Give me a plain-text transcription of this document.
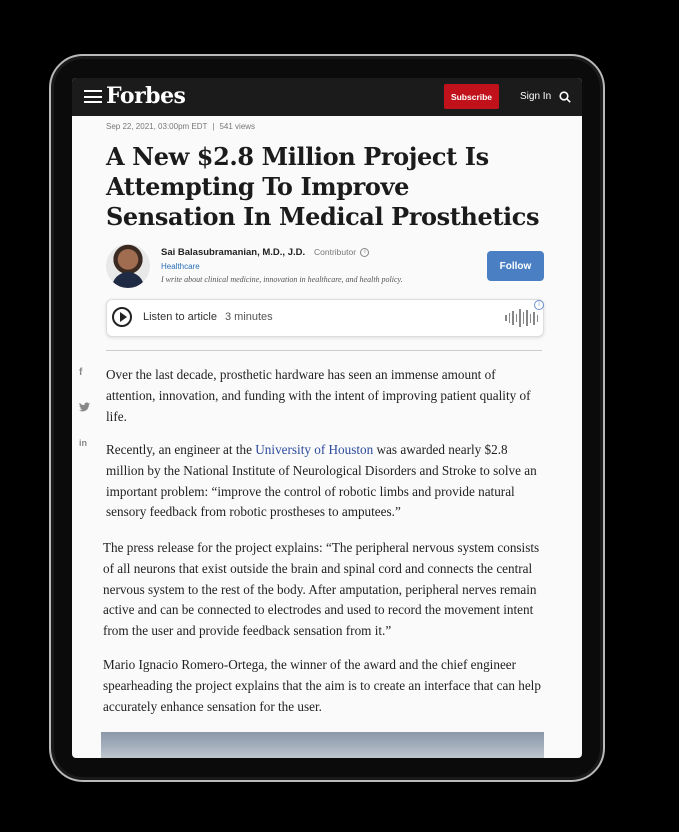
Forbes	Subscribe	Sign In
Sep 22, 2021, 03:00pm EDT | 541 views
A New $2.8 Million Project Is Attempting To Improve Sensation In Medical Prosthetics
Sai Balasubramanian, M.D., J.D. Contributor i
Healthcare
I write about clinical medicine, innovation in healthcare, and health policy.
Follow
Listen to article 3 minutes
i
f
in

Over the last decade, prosthetic hardware has seen an immense amount of attention, innovation, and funding with the intent of improving patient quality of life.

Recently, an engineer at the University of Houston was awarded nearly $2.8 million by the National Institute of Neurological Disorders and Stroke to solve an important problem: “improve the control of robotic limbs and provide natural sensory feedback from robotic prostheses to amputees.”

The press release for the project explains: “The peripheral nervous system consists of all neurons that exist outside the brain and spinal cord and connects the central nervous system to the rest of the body. After amputation, peripheral nerves remain active and can be connected to electrodes and used to record the movement intent from the user and provide feedback sensation from it.”

Mario Ignacio Romero-Ortega, the winner of the award and the chief engineer spearheading the project explains that the aim is to create an interface that can help accurately enhance sensation for the user.
